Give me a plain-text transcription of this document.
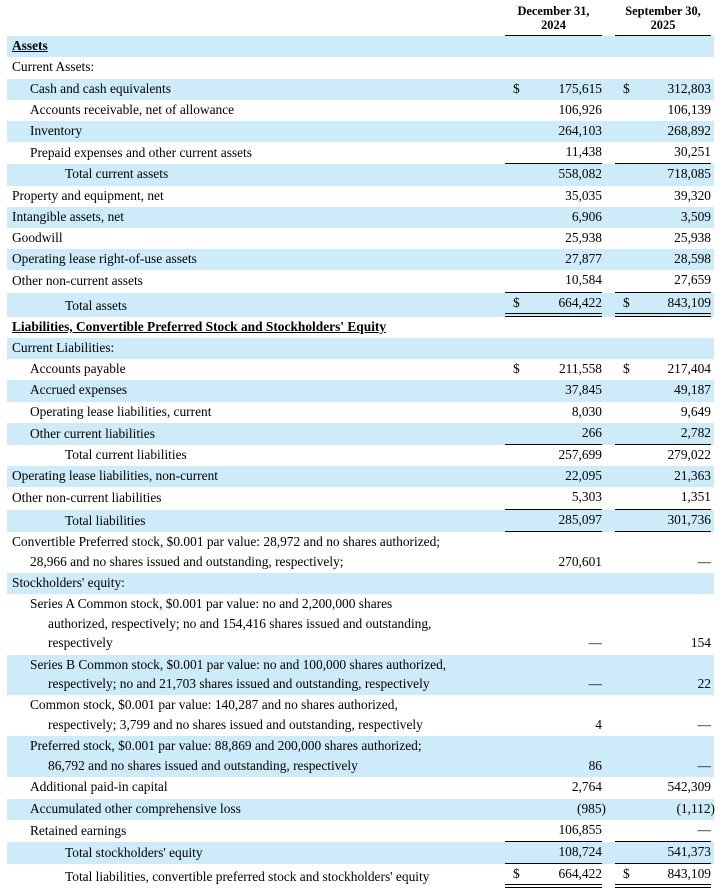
December 31,
2024
September 30,
2025
Assets
Current Assets:
Cash and cash equivalents	$	175,615	$	312,803
Accounts receivable, net of allowance	106,926	106,139
Inventory	264,103	268,892
Prepaid expenses and other current assets	11,438	30,251
Total current assets	558,082	718,085
Property and equipment, net	35,035	39,320
Intangible assets, net	6,906	3,509
Goodwill	25,938	25,938
Operating lease right-of-use assets	27,877	28,598
Other non-current assets	10,584	27,659
Total assets	$	664,422	$	843,109
Liabilities, Convertible Preferred Stock and Stockholders' Equity
Current Liabilities:
Accounts payable	$	211,558	$	217,404
Accrued expenses	37,845	49,187
Operating lease liabilities, current	8,030	9,649
Other current liabilities	266	2,782
Total current liabilities	257,699	279,022
Operating lease liabilities, non-current	22,095	21,363
Other non-current liabilities	5,303	1,351
Total liabilities	285,097	301,736
Convertible Preferred stock, $0.001 par value: 28,972 and no shares authorized;
28,966 and no shares issued and outstanding, respectively;	270,601	—
Stockholders' equity:
Series A Common stock, $0.001 par value: no and 2,200,000 shares
authorized, respectively; no and 154,416 shares issued and outstanding,
respectively	—	154
Series B Common stock, $0.001 par value: no and 100,000 shares authorized,
respectively; no and 21,703 shares issued and outstanding, respectively	—	22
Common stock, $0.001 par value: 140,287 and no shares authorized,
respectively; 3,799 and no shares issued and outstanding, respectively	4	—
Preferred stock, $0.001 par value: 88,869 and 200,000 shares authorized;
86,792 and no shares issued and outstanding, respectively	86	—
Additional paid-in capital	2,764	542,309
Accumulated other comprehensive loss	(985)	(1,112)
Retained earnings	106,855	—
Total stockholders' equity	108,724	541,373
Total liabilities, convertible preferred stock and stockholders' equity	$	664,422	$	843,109
